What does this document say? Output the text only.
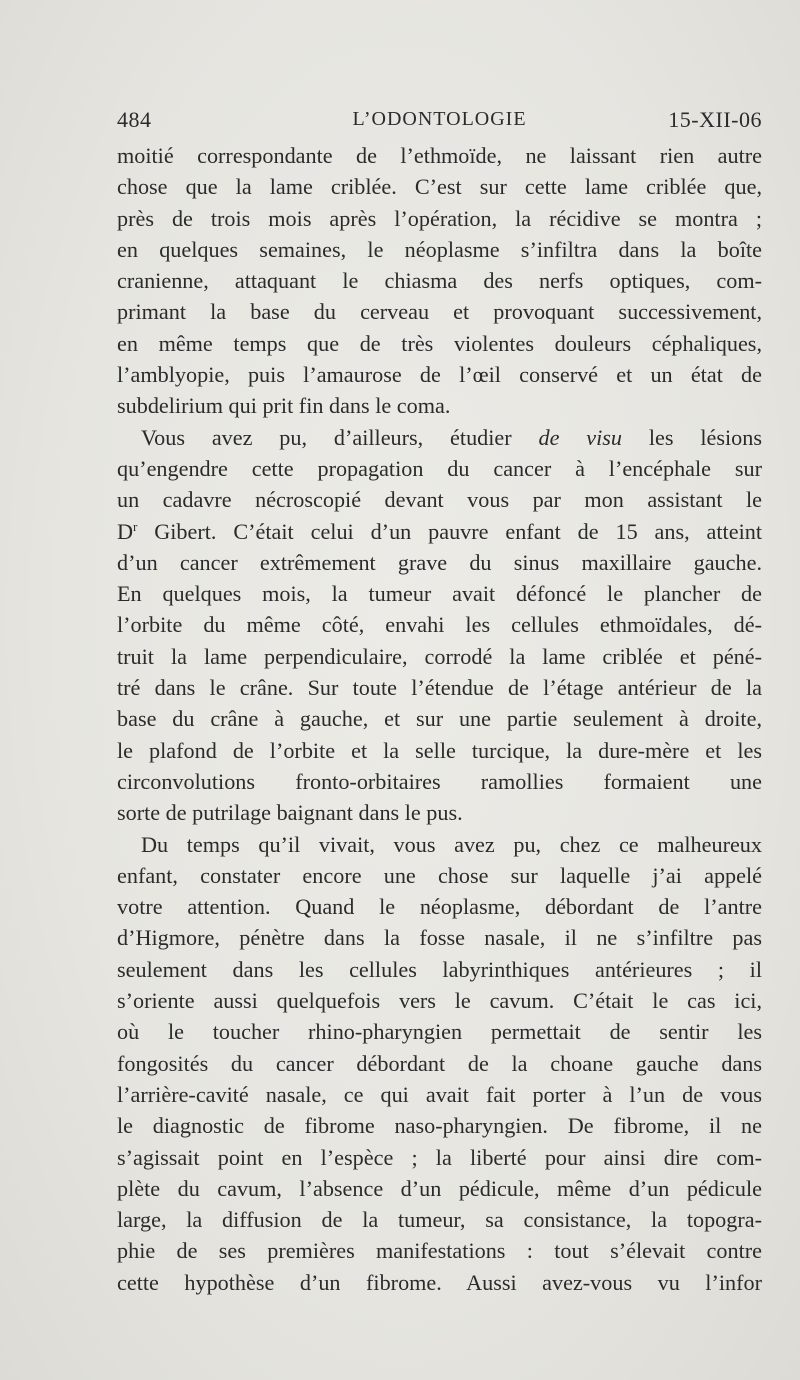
484	L’ODONTOLOGIE	15-XII-06
moitié correspondante de l’ethmoïde, ne laissant rien autre
chose que la lame criblée. C’est sur cette lame criblée que,
près de trois mois après l’opération, la récidive se montra ;
en quelques semaines, le néoplasme s’infiltra dans la boîte
cranienne, attaquant le chiasma des nerfs optiques, com-
primant la base du cerveau et provoquant successivement,
en même temps que de très violentes douleurs céphaliques,
l’amblyopie, puis l’amaurose de l’œil conservé et un état de
subdelirium qui prit fin dans le coma.
Vous avez pu, d’ailleurs, étudier de visu les lésions
qu’engendre cette propagation du cancer à l’encéphale sur
un cadavre nécroscopié devant vous par mon assistant le
$D^r$ Gibert. C’était celui d’un pauvre enfant de 15 ans, atteint
d’un cancer extrêmement grave du sinus maxillaire gauche.
En quelques mois, la tumeur avait défoncé le plancher de
l’orbite du même côté, envahi les cellules ethmoïdales, dé-
truit la lame perpendiculaire, corrodé la lame criblée et péné-
tré dans le crâne. Sur toute l’étendue de l’étage antérieur de la
base du crâne à gauche, et sur une partie seulement à droite,
le plafond de l’orbite et la selle turcique, la dure-mère et les
circonvolutions fronto-orbitaires ramollies formaient une
sorte de putrilage baignant dans le pus.
Du temps qu’il vivait, vous avez pu, chez ce malheureux
enfant, constater encore une chose sur laquelle j’ai appelé
votre attention. Quand le néoplasme, débordant de l’antre
d’Higmore, pénètre dans la fosse nasale, il ne s’infiltre pas
seulement dans les cellules labyrinthiques antérieures ; il
s’oriente aussi quelquefois vers le cavum. C’était le cas ici,
où le toucher rhino-pharyngien permettait de sentir les
fongosités du cancer débordant de la choane gauche dans
l’arrière-cavité nasale, ce qui avait fait porter à l’un de vous
le diagnostic de fibrome naso-pharyngien. De fibrome, il ne
s’agissait point en l’espèce ; la liberté pour ainsi dire com-
plète du cavum, l’absence d’un pédicule, même d’un pédicule
large, la diffusion de la tumeur, sa consistance, la topogra-
phie de ses premières manifestations : tout s’élevait contre
cette hypothèse d’un fibrome. Aussi avez-vous vu l’infor
